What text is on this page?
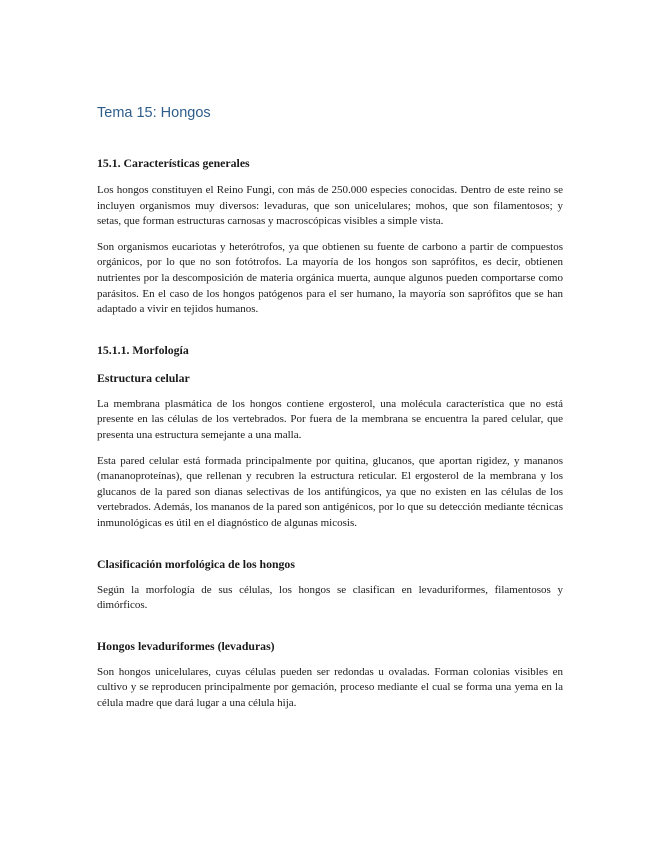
Tema 15: Hongos
15.1. Características generales

Los hongos constituyen el Reino Fungi, con más de 250.000 especies conocidas. Dentro de este reino se incluyen organismos muy diversos: levaduras, que son unicelulares; mohos, que son filamentosos; y setas, que forman estructuras carnosas y macroscópicas visibles a simple vista.

Son organismos eucariotas y heterótrofos, ya que obtienen su fuente de carbono a partir de compuestos orgánicos, por lo que no son fotótrofos. La mayoría de los hongos son saprófitos, es decir, obtienen nutrientes por la descomposición de materia orgánica muerta, aunque algunos pueden comportarse como parásitos. En el caso de los hongos patógenos para el ser humano, la mayoría son saprófitos que se han adaptado a vivir en tejidos humanos.

15.1.1. Morfología
Estructura celular

La membrana plasmática de los hongos contiene ergosterol, una molécula característica que no está presente en las células de los vertebrados. Por fuera de la membrana se encuentra la pared celular, que presenta una estructura semejante a una malla.

Esta pared celular está formada principalmente por quitina, glucanos, que aportan rigidez, y mananos (mananoproteínas), que rellenan y recubren la estructura reticular. El ergosterol de la membrana y los glucanos de la pared son dianas selectivas de los antifúngicos, ya que no existen en las células de los vertebrados. Además, los mananos de la pared son antigénicos, por lo que su detección mediante técnicas inmunológicas es útil en el diagnóstico de algunas micosis.

Clasificación morfológica de los hongos

Según la morfología de sus células, los hongos se clasifican en levaduriformes, filamentosos y dimórficos.

Hongos levaduriformes (levaduras)

Son hongos unicelulares, cuyas células pueden ser redondas u ovaladas. Forman colonias visibles en cultivo y se reproducen principalmente por gemación, proceso mediante el cual se forma una yema en la célula madre que dará lugar a una célula hija.
